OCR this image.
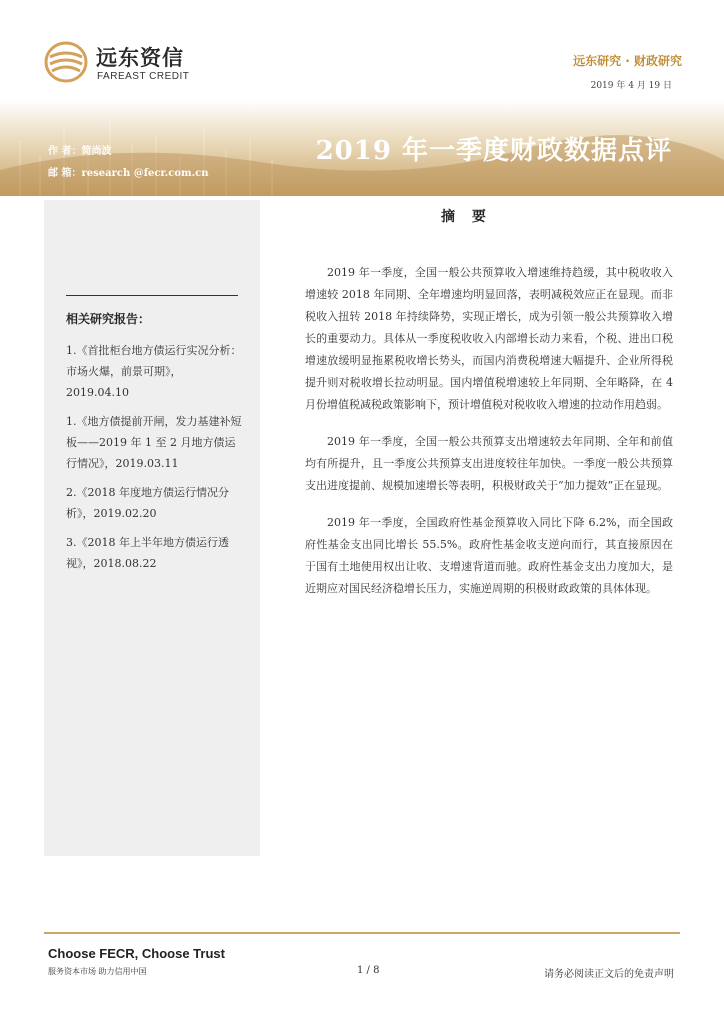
远东资信
FAREAST CREDIT
远东研究 · 财政研究
2019 年 4 月 19 日
作 者：简尚波
邮 箱：research @fecr.com.cn
2019 年一季度财政数据点评
相关研究报告：
1.《首批柜台地方债运行实况分析：市场火爆，前景可期》，2019.04.10
1.《地方债提前开闸，发力基建补短板——2019 年 1 至 2 月地方债运行情况》，2019.03.11
2.《2018 年度地方债运行情况分析》，2019.02.20
3.《2018 年上半年地方债运行透视》，2018.08.22
摘 要

2019 年一季度，全国一般公共预算收入增速维持趋缓，其中税收收入增速较 2018 年同期、全年增速均明显回落，表明减税效应正在显现。而非税收入扭转 2018 年持续降势，实现正增长，成为引领一般公共预算收入增长的重要动力。具体从一季度税收收入内部增长动力来看，个税、进出口税增速放缓明显拖累税收增长势头，而国内消费税增速大幅提升、企业所得税提升则对税收增长拉动明显。国内增值税增速较上年同期、全年略降，在 4 月份增值税减税政策影响下，预计增值税对税收收入增速的拉动作用趋弱。

2019 年一季度，全国一般公共预算支出增速较去年同期、全年和前值均有所提升，且一季度公共预算支出进度较往年加快。一季度一般公共预算支出进度提前、规模加速增长等表明，积极财政关于“加力提效”正在显现。

2019 年一季度，全国政府性基金预算收入同比下降 6.2%，而全国政府性基金支出同比增长 55.5%。政府性基金收支逆向而行，其直接原因在于国有土地使用权出让收、支增速背道而驰。政府性基金支出力度加大，是近期应对国民经济稳增长压力，实施逆周期的积极财政政策的具体体现。

Choose FECR, Choose Trust
服务资本市场 助力信用中国	1 / 8	请务必阅读正文后的免责声明
